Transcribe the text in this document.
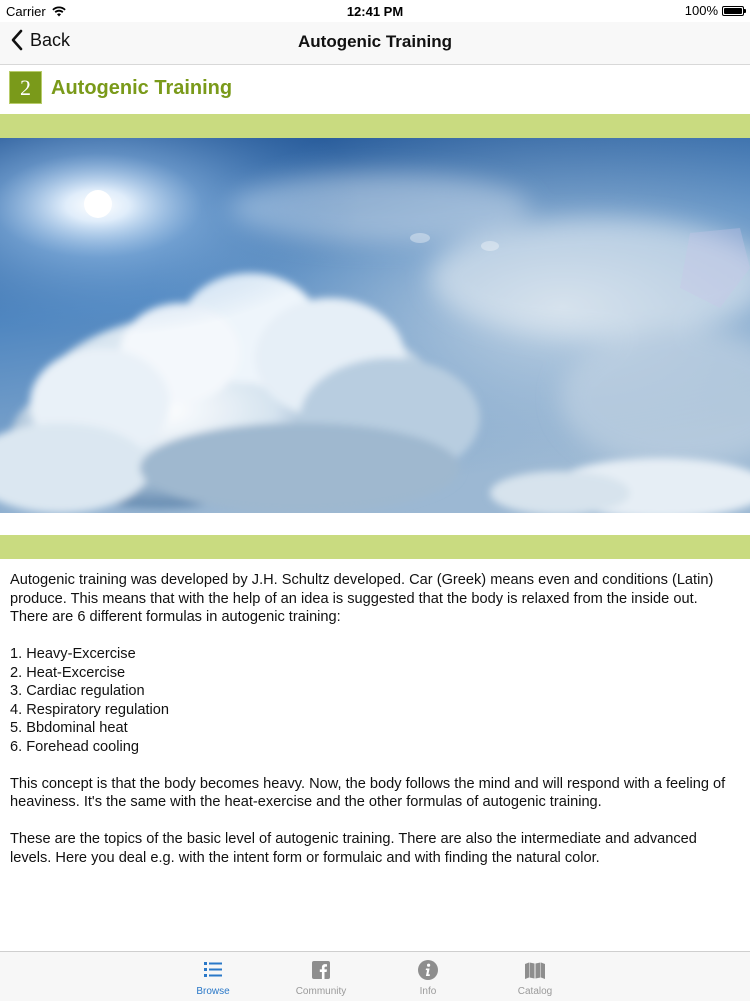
Carrier	12:41 PM	100%
Back	Autogenic Training
2	Autogenic Training

Autogenic training was developed by J.H. Schultz developed. Car (Greek) means even and conditions (Latin) produce. This means that with the help of an idea is suggested that the body is relaxed from the inside out. There are 6 different formulas in autogenic training:

1. Heavy-Excercise
2. Heat-Excercise
3. Cardiac regulation
4. Respiratory regulation
5. Bbdominal heat
6. Forehead cooling

This concept is that the body becomes heavy. Now, the body follows the mind and will respond with a feeling of heaviness. It's the same with the heat-exercise and the other formulas of autogenic training.

These are the topics of the basic level of autogenic training. There are also the intermediate and advanced levels. Here you deal e.g. with the intent form or formulaic and with finding the natural color.

Browse	Community	Info	Catalog
